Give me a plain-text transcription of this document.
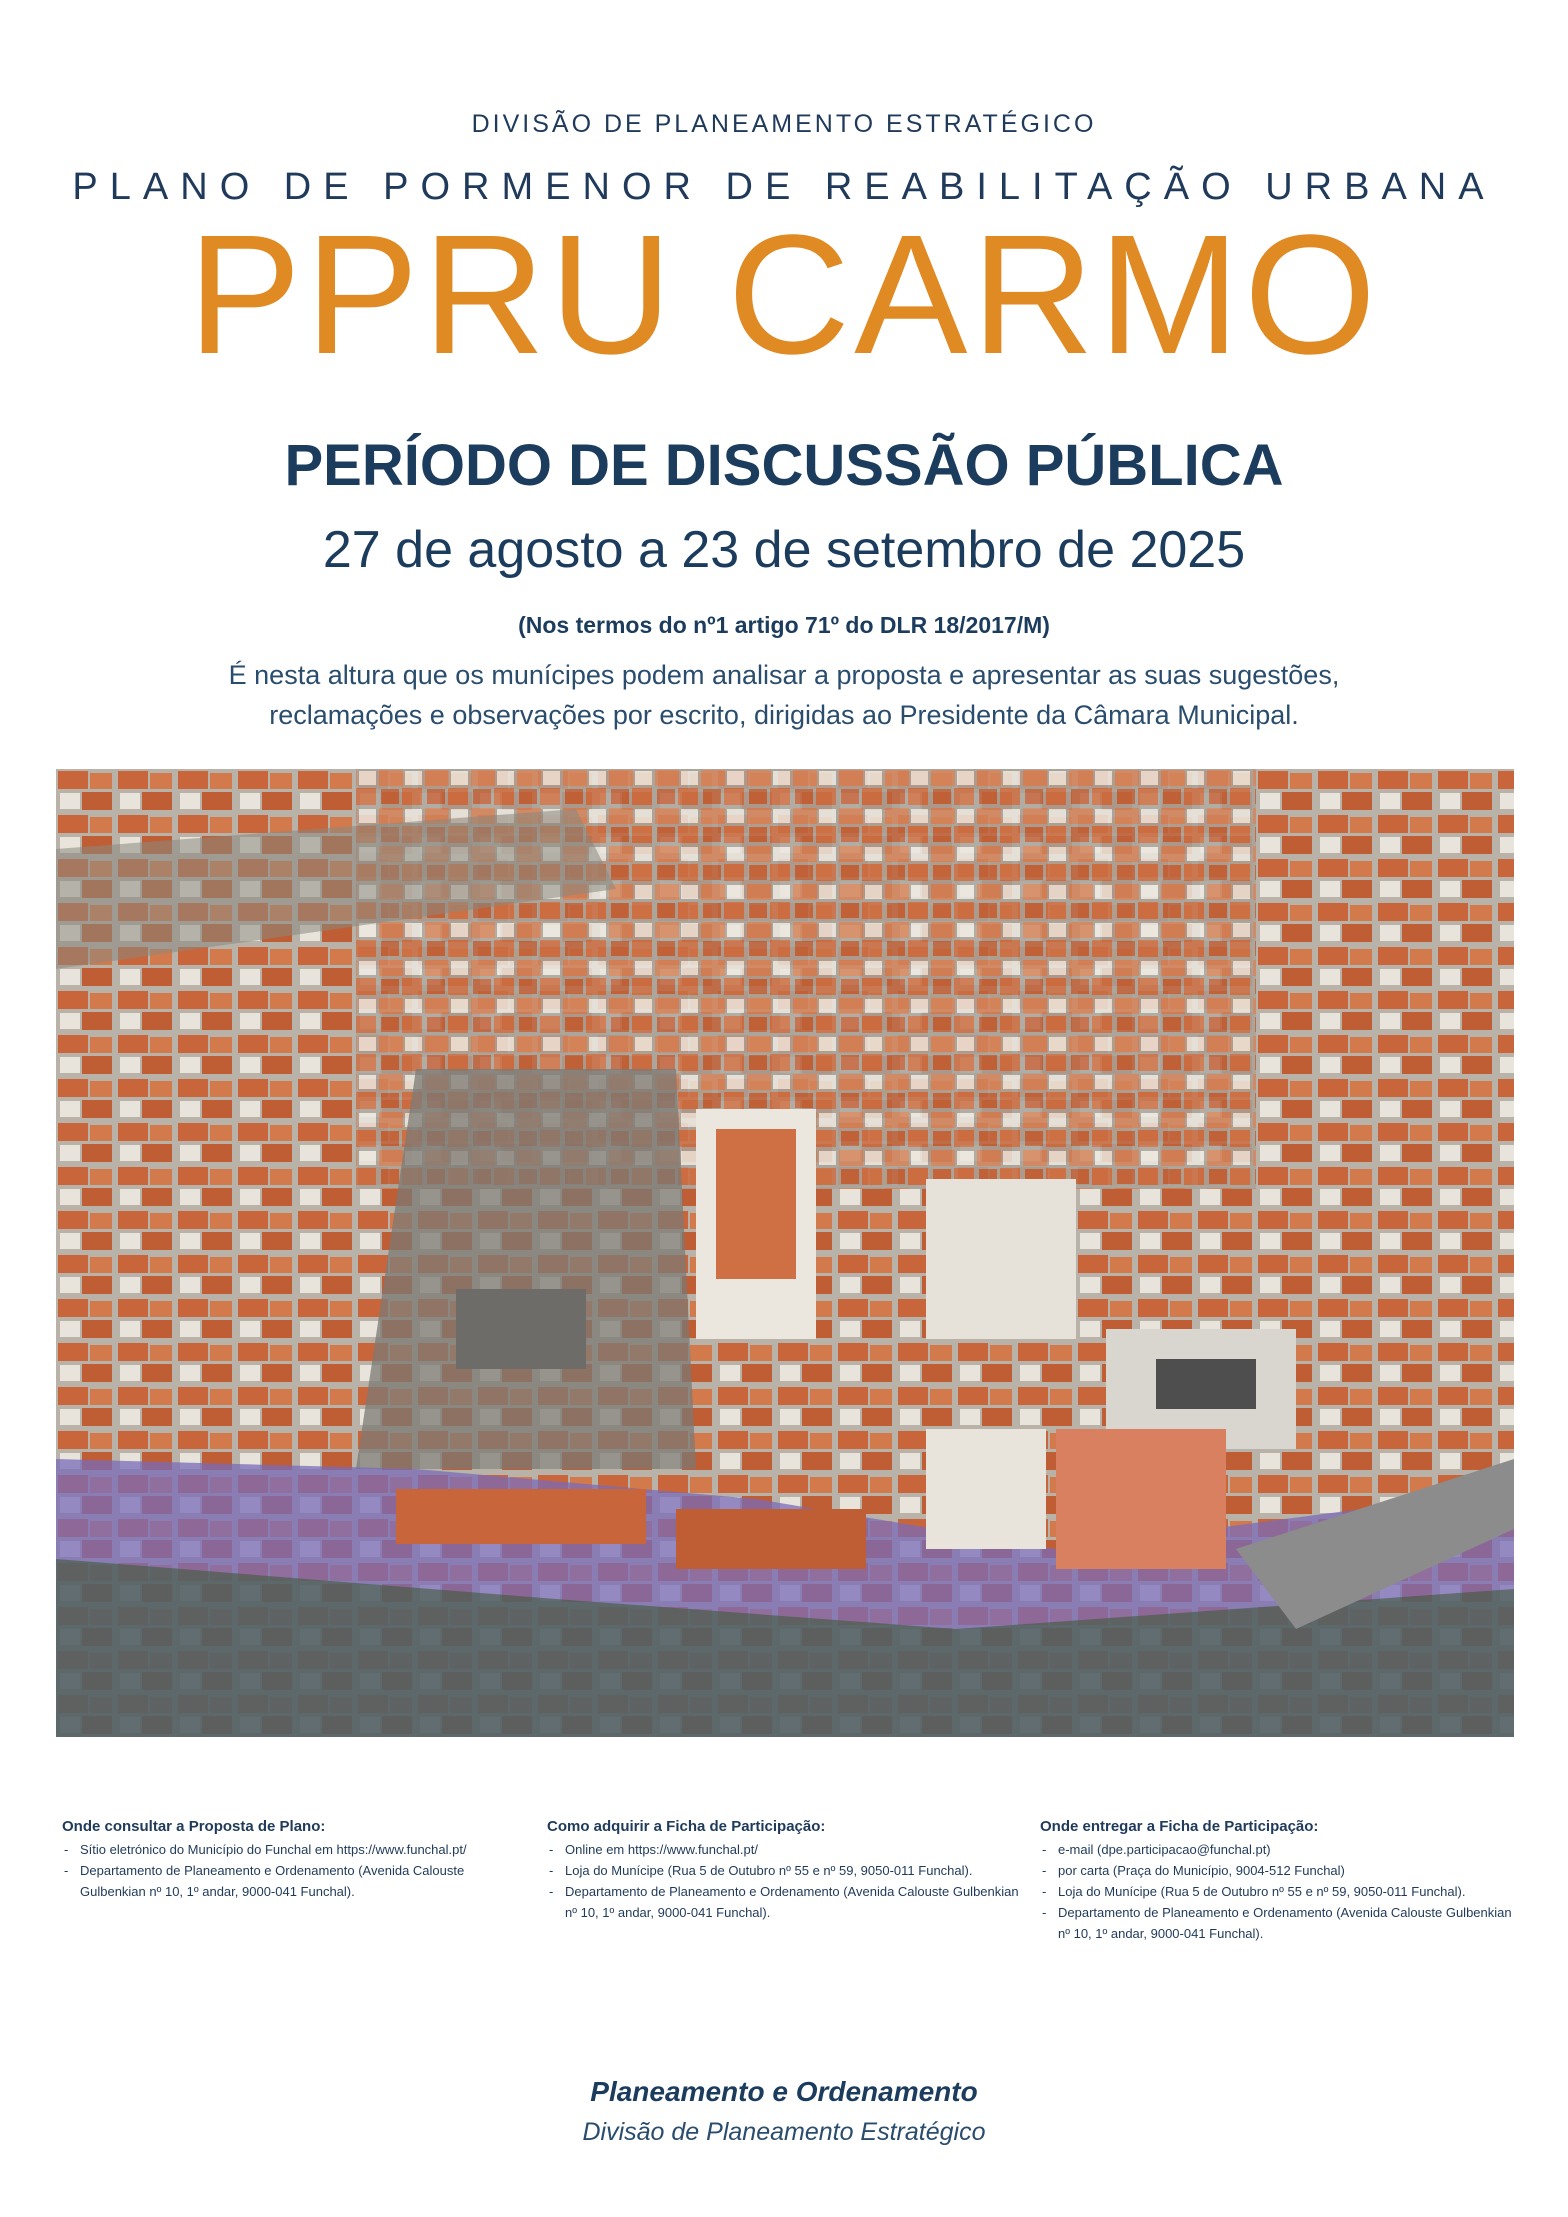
DIVISÃO DE PLANEAMENTO ESTRATÉGICO
PLANO DE PORMENOR DE REABILITAÇÃO URBANA
PPRU CARMO
PERÍODO DE DISCUSSÃO PÚBLICA
27 de agosto a 23 de setembro de 2025
(Nos termos do nº1 artigo 71º do DLR 18/2017/M)
É nesta altura que os munícipes podem analisar a proposta e apresentar as suas sugestões,
reclamações e observações por escrito, dirigidas ao Presidente da Câmara Municipal.
Onde consultar a Proposta de Plano:
- Sítio eletrónico do Município do Funchal em https://www.funchal.pt/
- Departamento de Planeamento e Ordenamento (Avenida Calouste Gulbenkian nº 10, 1º andar, 9000-041 Funchal).
Como adquirir a Ficha de Participação:
- Online em https://www.funchal.pt/
- Loja do Munícipe (Rua 5 de Outubro nº 55 e nº 59, 9050-011 Funchal).
- Departamento de Planeamento e Ordenamento (Avenida Calouste Gulbenkian nº 10, 1º andar, 9000-041 Funchal).
Onde entregar a Ficha de Participação:
- e-mail (dpe.participacao@funchal.pt)
- por carta (Praça do Município, 9004-512 Funchal)
- Loja do Munícipe (Rua 5 de Outubro nº 55 e nº 59, 9050-011 Funchal).
- Departamento de Planeamento e Ordenamento (Avenida Calouste Gulbenkian nº 10, 1º andar, 9000-041 Funchal).
Planeamento e Ordenamento
Divisão de Planeamento Estratégico
